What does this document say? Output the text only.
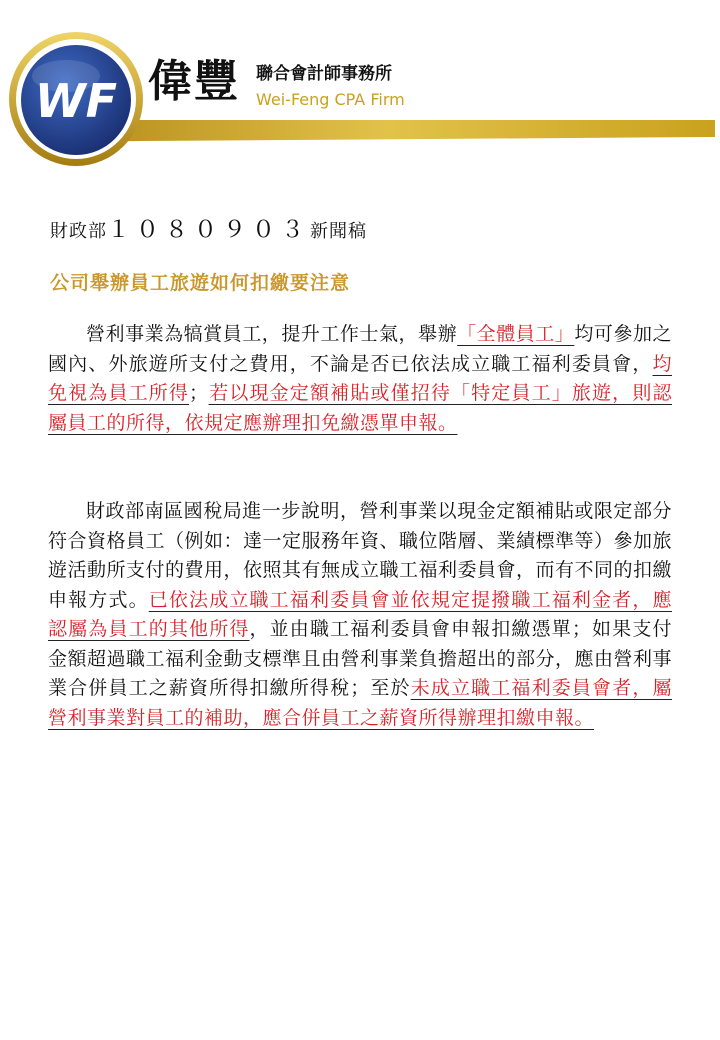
WF 偉豐 聯合會計師事務所
Wei-Feng CPA Firm
財政部１０８０９０３新聞稿
公司舉辦員工旅遊如何扣繳要注意

營利事業為犒賞員工，提升工作士氣，舉辦「全體員工」均可參加之國內、外旅遊所支付之費用，不論是否已依法成立職工福利委員會，均免視為員工所得；若以現金定額補貼或僅招待「特定員工」旅遊，則認屬員工的所得，依規定應辦理扣免繳憑單申報。

財政部南區國稅局進一步說明，營利事業以現金定額補貼或限定部分符合資格員工（例如：達一定服務年資、職位階層、業績標準等）參加旅遊活動所支付的費用，依照其有無成立職工福利委員會，而有不同的扣繳申報方式。已依法成立職工福利委員會並依規定提撥職工福利金者，應認屬為員工的其他所得，並由職工福利委員會申報扣繳憑單；如果支付金額超過職工福利金動支標準且由營利事業負擔超出的部分，應由營利事業合併員工之薪資所得扣繳所得稅；至於未成立職工福利委員會者，屬營利事業對員工的補助，應合併員工之薪資所得辦理扣繳申報。
